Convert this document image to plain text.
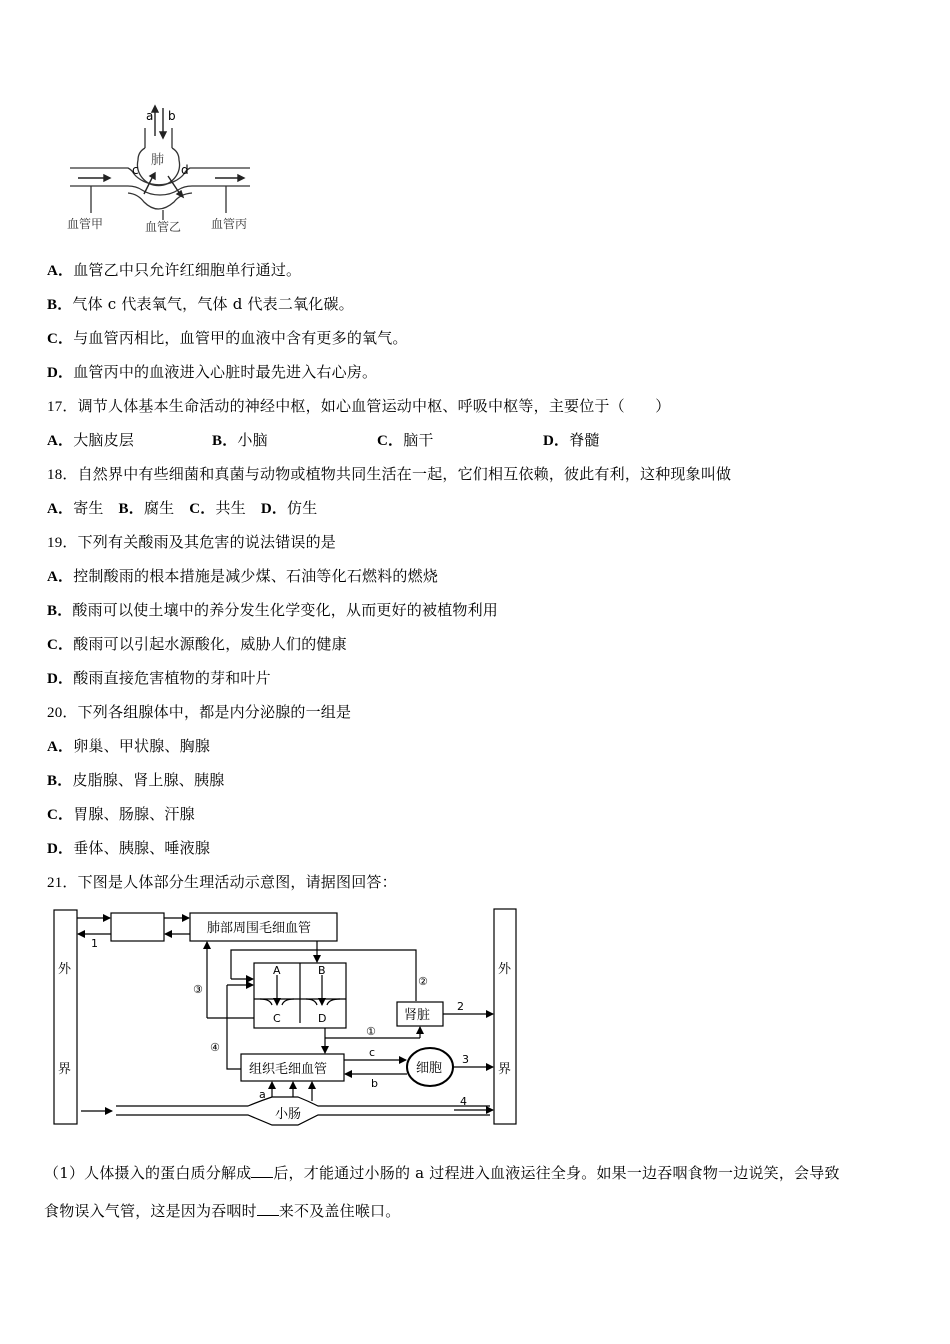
a b
c	d
肺
血管甲	血管乙 血管丙
A．血管乙中只允许红细胞单行通过。
B．气体 c 代表氧气，气体 d 代表二氧化碳。
C．与血管丙相比，血管甲的血液中含有更多的氧气。
D．血管丙中的血液进入心脏时最先进入右心房。
17．调节人体基本生命活动的神经中枢，如心血管运动中枢、呼吸中枢等，主要位于（　　）
A．大脑皮层	B．小脑	C．脑干	D．脊髓
18．自然界中有些细菌和真菌与动物或植物共同生活在一起，它们相互依赖，彼此有利，这种现象叫做
A．寄生 B．腐生 C．共生 D．仿生
19．下列有关酸雨及其危害的说法错误的是
A．控制酸雨的根本措施是减少煤、石油等化石燃料的燃烧
B．酸雨可以使土壤中的养分发生化学变化，从而更好的被植物利用
C．酸雨可以引起水源酸化，威胁人们的健康
D．酸雨直接危害植物的芽和叶片
20．下列各组腺体中，都是内分泌腺的一组是
A．卵巢、甲状腺、胸腺
B．皮脂腺、肾上腺、胰腺
C．胃腺、肠腺、汗腺
D．垂体、胰腺、唾液腺
21．下图是人体部分生理活动示意图，请据图回答：
外
界
外
界
肺部周围毛细血管
组织毛细血管
肾脏
细胞
小肠
A	B
C	D
1
2
3
4
a
b
c
①
②
③
④
（1）人体摄入的蛋白质分解成 后，才能通过小肠的 a 过程进入血液运往全身。如果一边吞咽食物一边说笑，会导致
食物误入气管，这是因为吞咽时 来不及盖住喉口。
